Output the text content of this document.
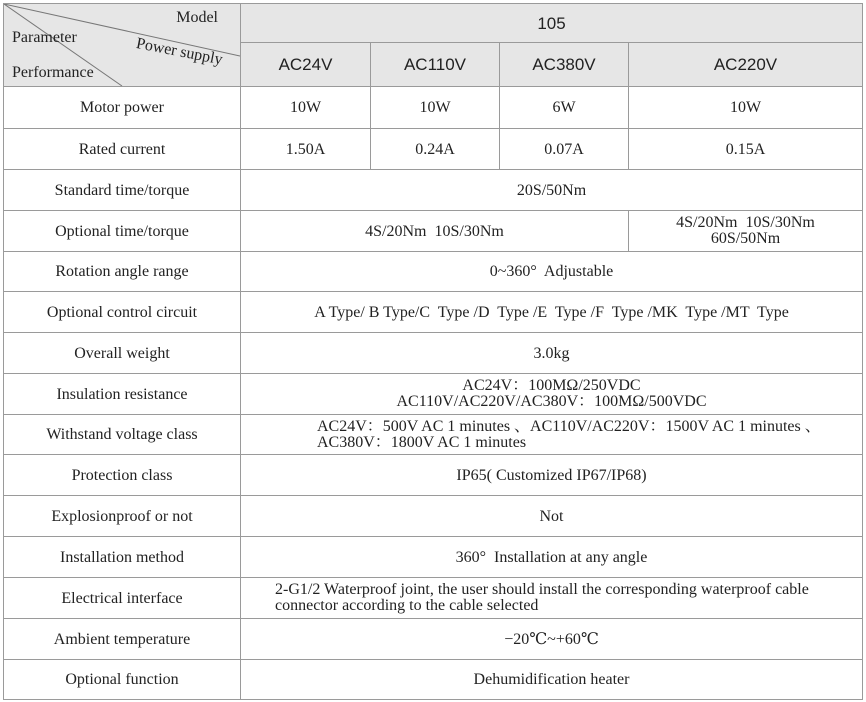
Model
Parameter Power supply
Performance	105			
	AC24V	AC110V	AC380V	AC220V
Motor power	10W	10W	6W	10W
Rated current	1.50A	0.24A	0.07A	0.15A
Standard time/torque	20S/50Nm			
Optional time/torque	4S/20Nm  10S/30Nm			4S/20Nm  10S/30Nm
60S/50Nm

Rotation angle range	0~360°  Adjustable			
Optional control circuit	A Type/ B Type/C  Type /D  Type /E  Type /F  Type /MK  Type /MT  Type			
Overall weight	3.0kg			
Insulation resistance	AC24V：100MΩ/250VDC
AC110V/AC220V/AC380V：100MΩ/500VDC			

Withstand voltage class	AC24V：500V AC 1 minutes 、AC110V/AC220V：1500V AC 1 minutes 、
AC380V：1800V AC 1 minutes			

Protection class	IP65( Customized IP67/IP68)			
Explosionproof or not	Not			
Installation method	360°  Installation at any angle			
Electrical interface	2-G1/2 Waterproof joint, the user should install the corresponding waterproof cable
connector according to the cable selected			

Ambient temperature	−20℃~+60℃			
Optional function	Dehumidification heater			
